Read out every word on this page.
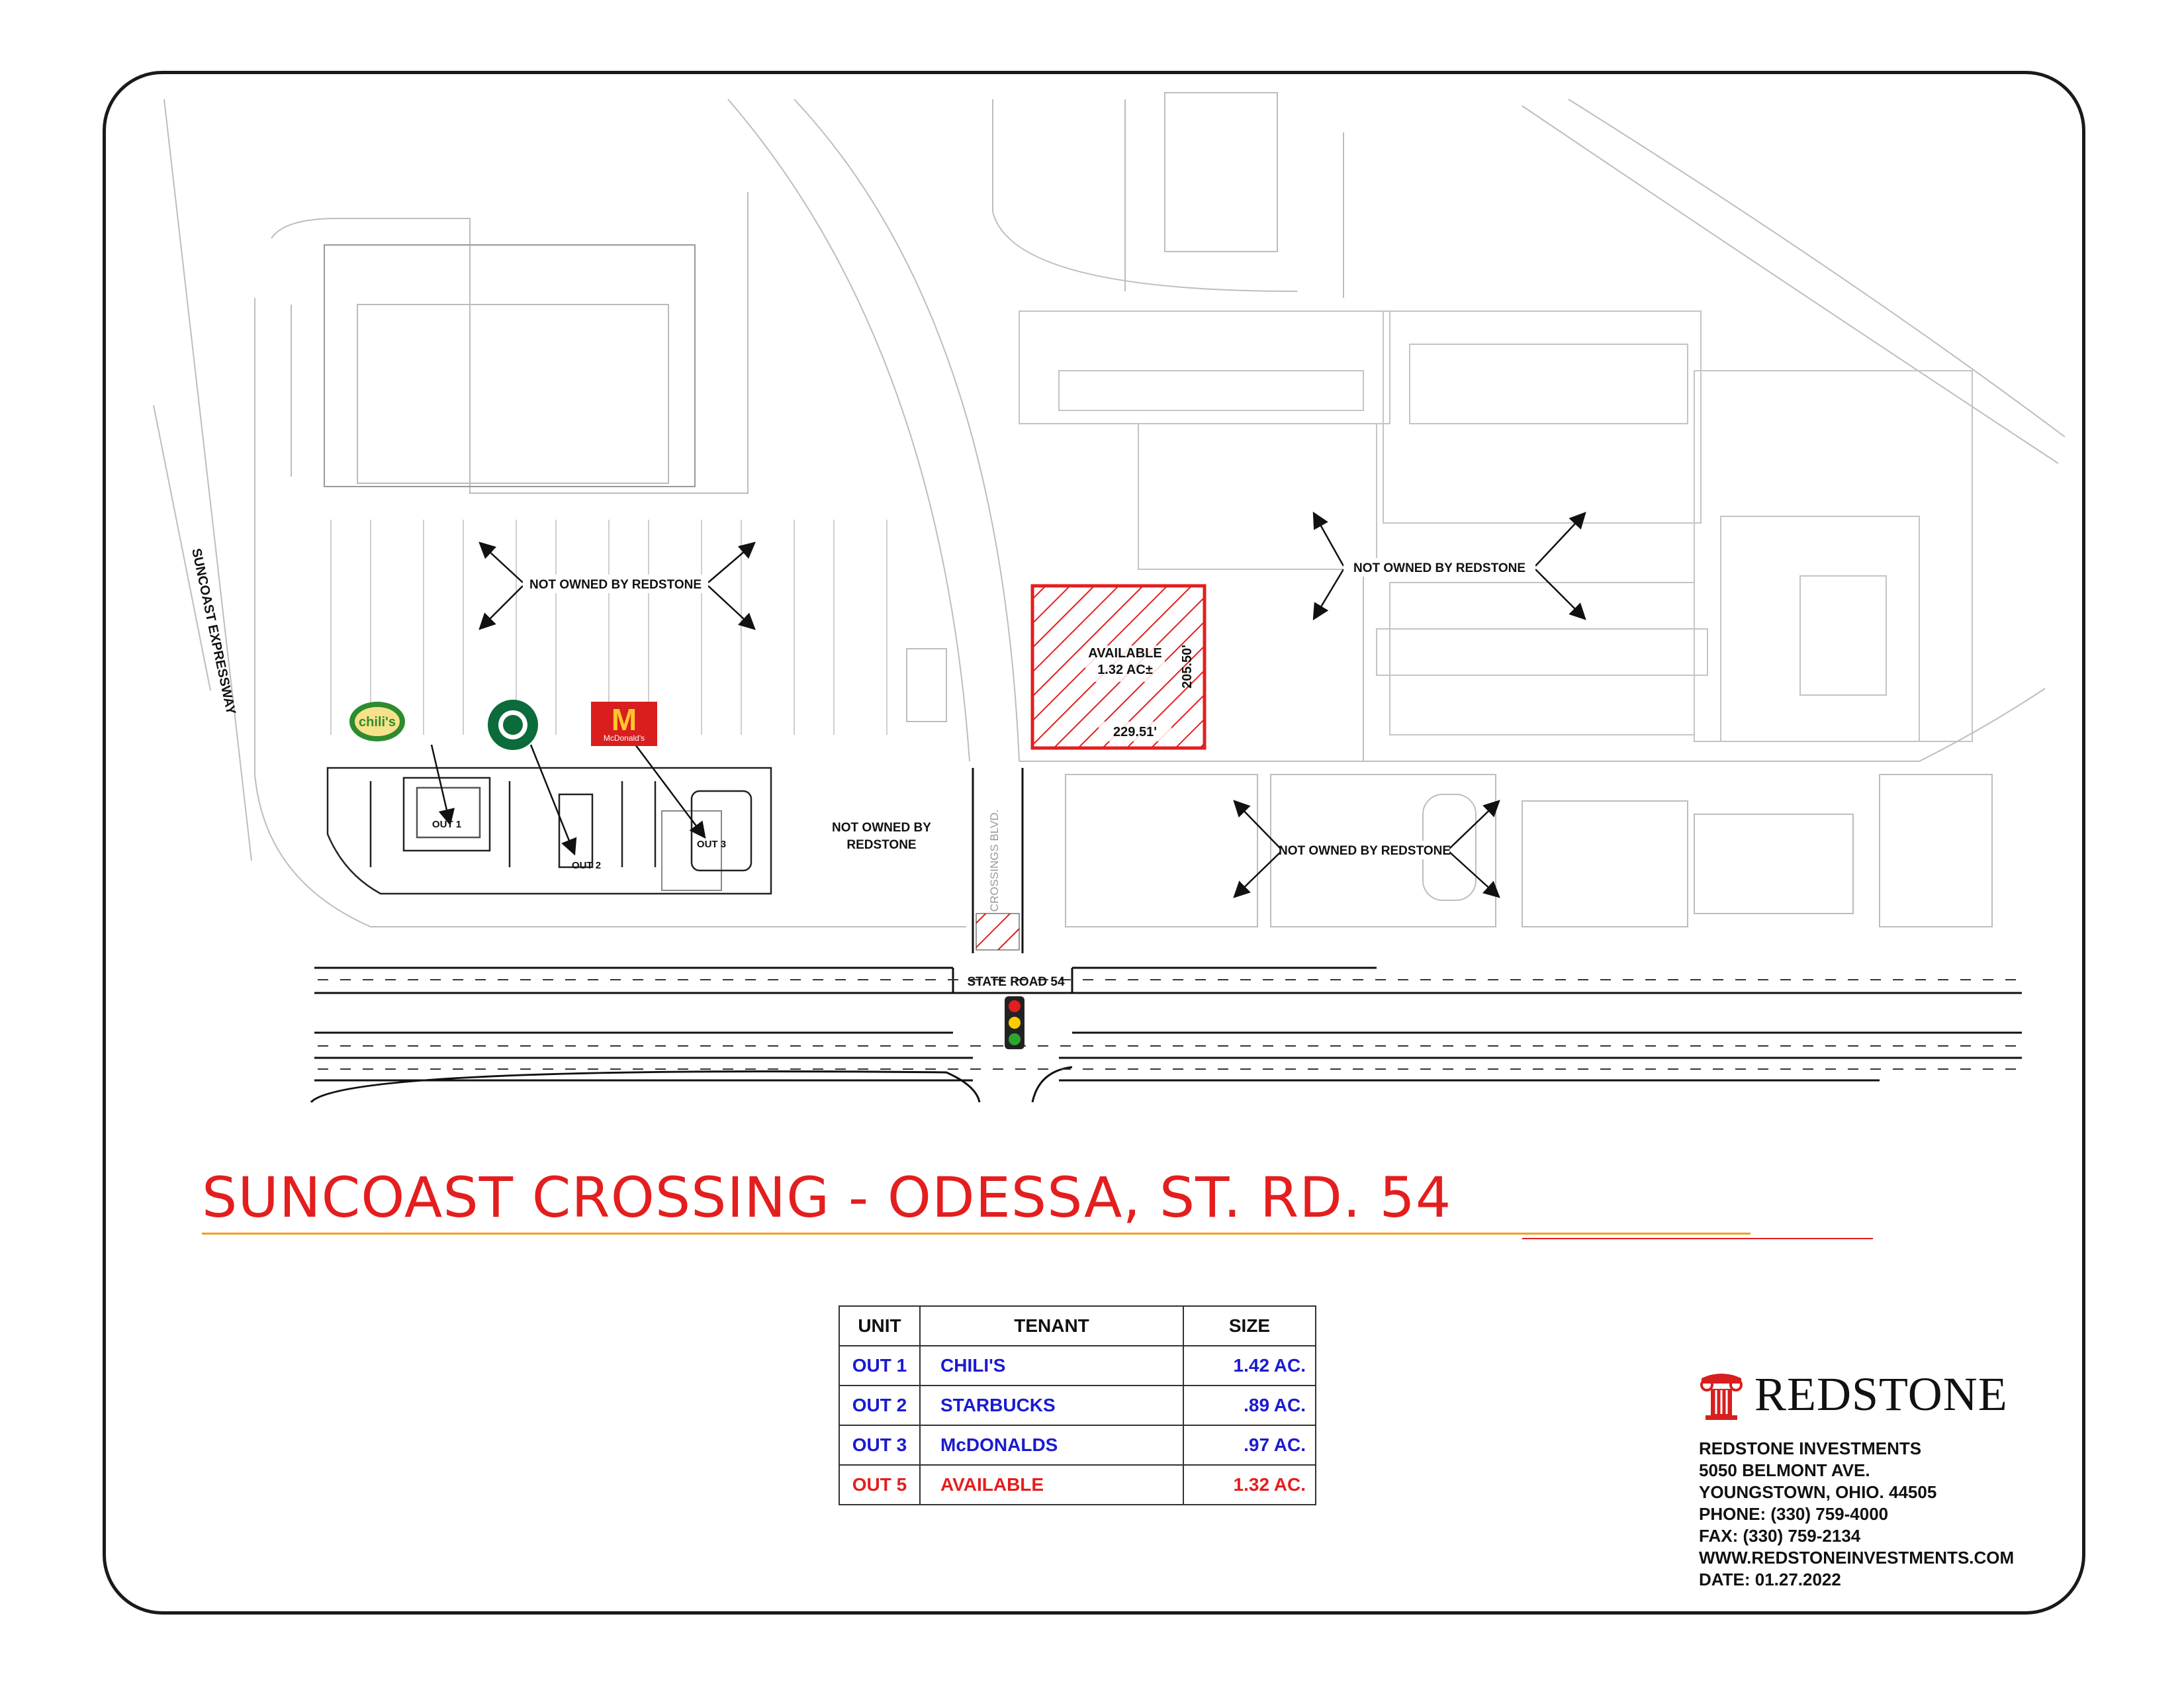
AVAILABLE
1.32 AC±
229.51'
205.50'
SUNCOAST EXPRESSWAY	NOT OWNED BY REDSTONE
NOT OWNED BY REDSTONE
NOT OWNED BY
REDSTONE	NOT OWNED BY REDSTONE
CROSSINGS BLVD.
STATE ROAD 54
OUT 1
OUT 2
OUT 3
chili's	M
McDonald's
SUNCOAST CROSSING - ODESSA, ST. RD. 54
UNIT	TENANT	SIZE
OUT 1	CHILI'S	1.42 AC.
OUT 2	STARBUCKS	.89 AC.
OUT 3	McDONALDS	.97 AC.
OUT 5	AVAILABLE	1.32 AC.
REDSTONE
REDSTONE INVESTMENTS
5050 BELMONT AVE.
YOUNGSTOWN, OHIO. 44505
PHONE: (330) 759-4000
FAX: (330) 759-2134
WWW.REDSTONEINVESTMENTS.COM
DATE: 01.27.2022
